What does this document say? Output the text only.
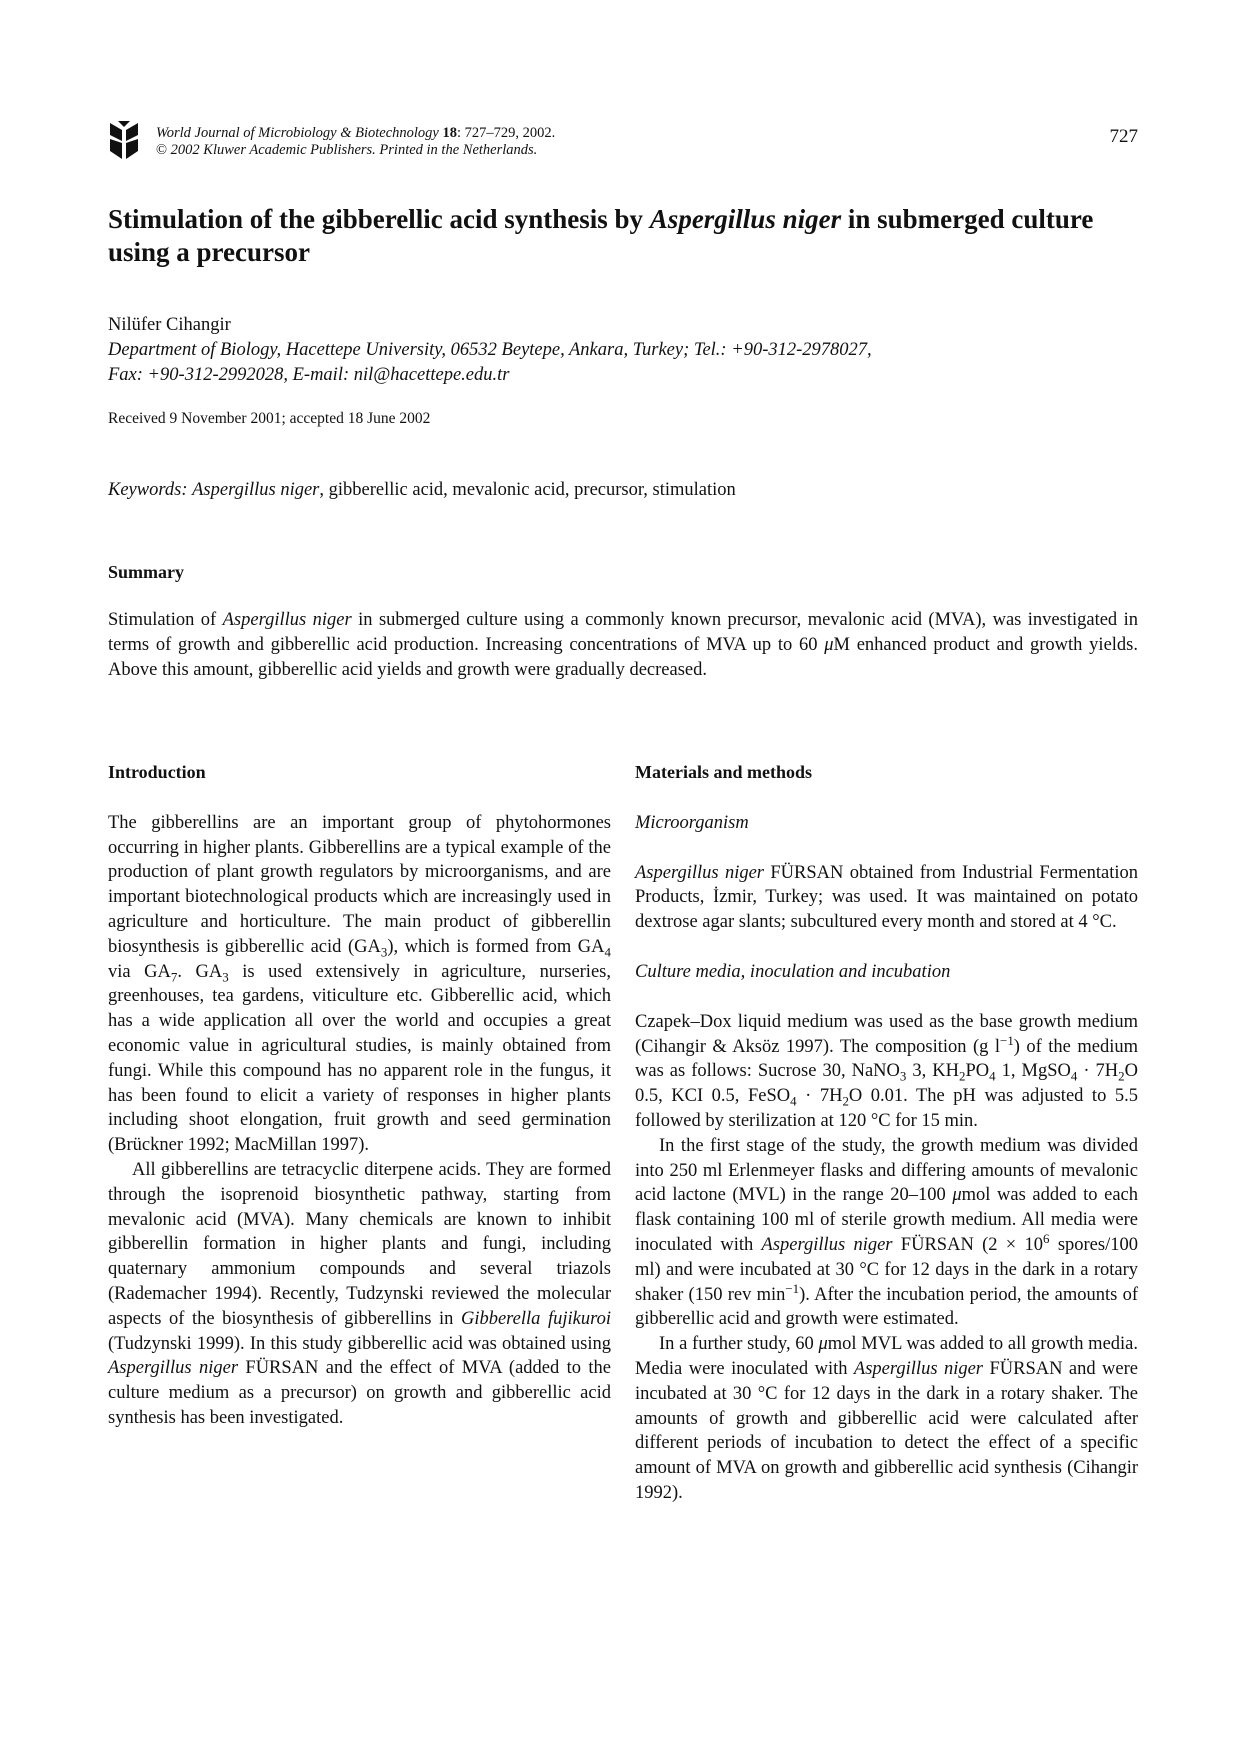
World Journal of Microbiology & Biotechnology 18: 727–729, 2002.
© 2002 Kluwer Academic Publishers. Printed in the Netherlands.
727
Stimulation of the gibberellic acid synthesis by Aspergillus niger in submerged culture using a precursor
Nilüfer Cihangir
Department of Biology, Hacettepe University, 06532 Beytepe, Ankara, Turkey; Tel.: +90-312-2978027,
Fax: +90-312-2992028, E-mail: nil@hacettepe.edu.tr
Received 9 November 2001; accepted 18 June 2002
Keywords: Aspergillus niger, gibberellic acid, mevalonic acid, precursor, stimulation
Summary

Stimulation of Aspergillus niger in submerged culture using a commonly known precursor, mevalonic acid (MVA), was investigated in terms of growth and gibberellic acid production. Increasing concentrations of MVA up to 60 μM enhanced product and growth yields. Above this amount, gibberellic acid yields and growth were gradually decreased.

Introduction

The gibberellins are an important group of phytohormones occurring in higher plants. Gibberellins are a typical example of the production of plant growth regulators by microorganisms, and are important biotechnological products which are increasingly used in agriculture and horticulture. The main product of gibberellin biosynthesis is gibberellic acid $(GA_3)$, which is formed from $GA_4$ via $GA_7$. $GA_3$ is used extensively in agriculture, nurseries, greenhouses, tea gardens, viticulture etc. Gibberellic acid, which has a wide application all over the world and occupies a great economic value in agricultural studies, is mainly obtained from fungi. While this compound has no apparent role in the fungus, it has been found to elicit a variety of responses in higher plants including shoot elongation, fruit growth and seed germination (Brückner 1992; MacMillan 1997).

All gibberellins are tetracyclic diterpene acids. They are formed through the isoprenoid biosynthetic pathway, starting from mevalonic acid (MVA). Many chemicals are known to inhibit gibberellin formation in higher plants and fungi, including quaternary ammonium compounds and several triazols (Rademacher 1994). Recently, Tudzynski reviewed the molecular aspects of the biosynthesis of gibberellins in Gibberella fujikuroi (Tudzynski 1999). In this study gibberellic acid was obtained using Aspergillus niger FÜRSAN and the effect of MVA (added to the culture medium as a precursor) on growth and gibberellic acid synthesis has been investigated.

Materials and methods
Microorganism

Aspergillus niger FÜRSAN obtained from Industrial Fermentation Products, İzmir, Turkey; was used. It was maintained on potato dextrose agar slants; subcultured every month and stored at 4 °C.

Culture media, inoculation and incubation

Czapek–Dox liquid medium was used as the base growth medium (Cihangir & Aksöz 1997). The composition (g $l^{-1}$) of the medium was as follows: Sucrose 30, NaNO$_3$ 3, $KH_2PO_4$ 1, MgSO$_4$ · $7H_2O$ 0.5, KCI 0.5, FeSO$_4$ · $7H_2O$ 0.01. The pH was adjusted to 5.5 followed by sterilization at 120 °C for 15 min.

In the first stage of the study, the growth medium was divided into 250 ml Erlenmeyer flasks and differing amounts of mevalonic acid lactone (MVL) in the range 20–100 μmol was added to each flask containing 100 ml of sterile growth medium. All media were inoculated with Aspergillus niger FÜRSAN ($2 \times 10^6$ spores/100 ml) and were incubated at 30 °C for 12 days in the dark in a rotary shaker (150 rev $\min^{-1}$). After the incubation period, the amounts of gibberellic acid and growth were estimated.

In a further study, 60 μmol MVL was added to all growth media. Media were inoculated with Aspergillus niger FÜRSAN and were incubated at 30 °C for 12 days in the dark in a rotary shaker. The amounts of growth and gibberellic acid were calculated after different periods of incubation to detect the effect of a specific amount of MVA on growth and gibberellic acid synthesis (Cihangir 1992).
